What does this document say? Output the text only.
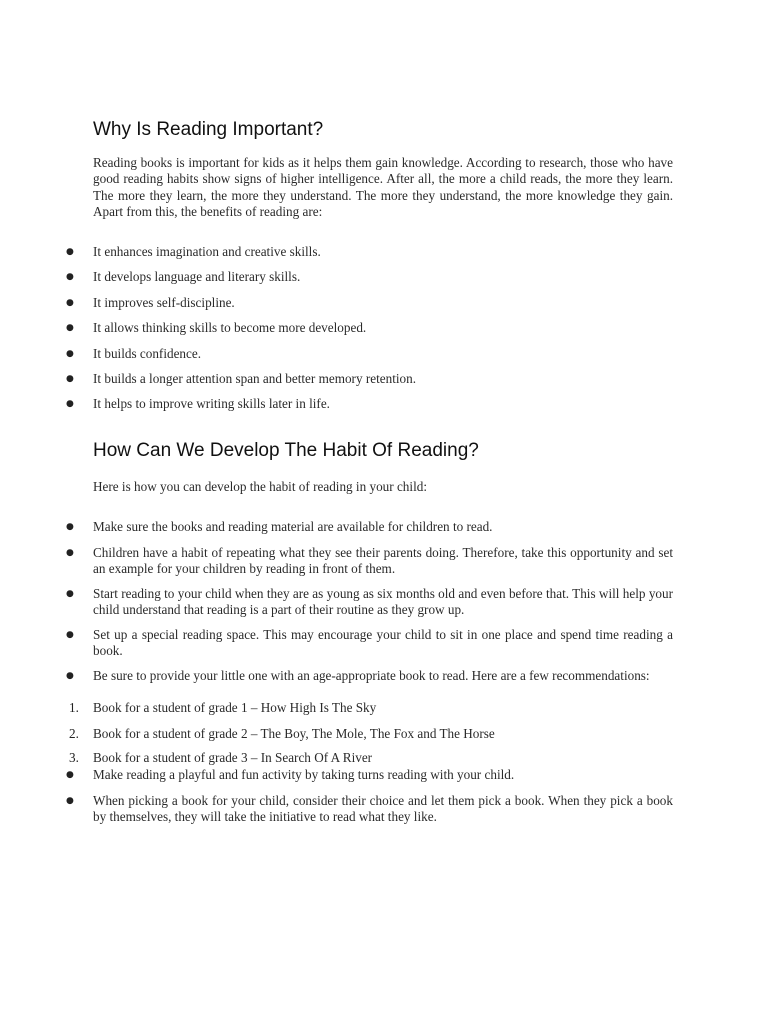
Why Is Reading Important?

Reading books is important for kids as it helps them gain knowledge. According to research, those who have good reading habits show signs of higher intelligence. After all, the more a child reads, the more they learn. The more they learn, the more they understand. The more they understand, the more knowledge they gain. Apart from this, the benefits of reading are:

●	It enhances imagination and creative skills.
●	It develops language and literary skills.
●	It improves self-discipline.
●	It allows thinking skills to become more developed.
●	It builds confidence.
●	It builds a longer attention span and better memory retention.
●	It helps to improve writing skills later in life.
How Can We Develop The Habit Of Reading?

Here is how you can develop the habit of reading in your child:

●	Make sure the books and reading material are available for children to read.
●	Children have a habit of repeating what they see their parents doing. Therefore, take this opportunity and set an example for your children by reading in front of them.
●	Start reading to your child when they are as young as six months old and even before that. This will help your child understand that reading is a part of their routine as they grow up.
●	Set up a special reading space. This may encourage your child to sit in one place and spend time reading a book.
●	Be sure to provide your little one with an age-appropriate book to read. Here are a few recommendations:
1.	Book for a student of grade 1 – How High Is The Sky
2.	Book for a student of grade 2 – The Boy, The Mole, The Fox and The Horse
3.	Book for a student of grade 3 – In Search Of A River
●	Make reading a playful and fun activity by taking turns reading with your child.
●	When picking a book for your child, consider their choice and let them pick a book. When they pick a book by themselves, they will take the initiative to read what they like.
